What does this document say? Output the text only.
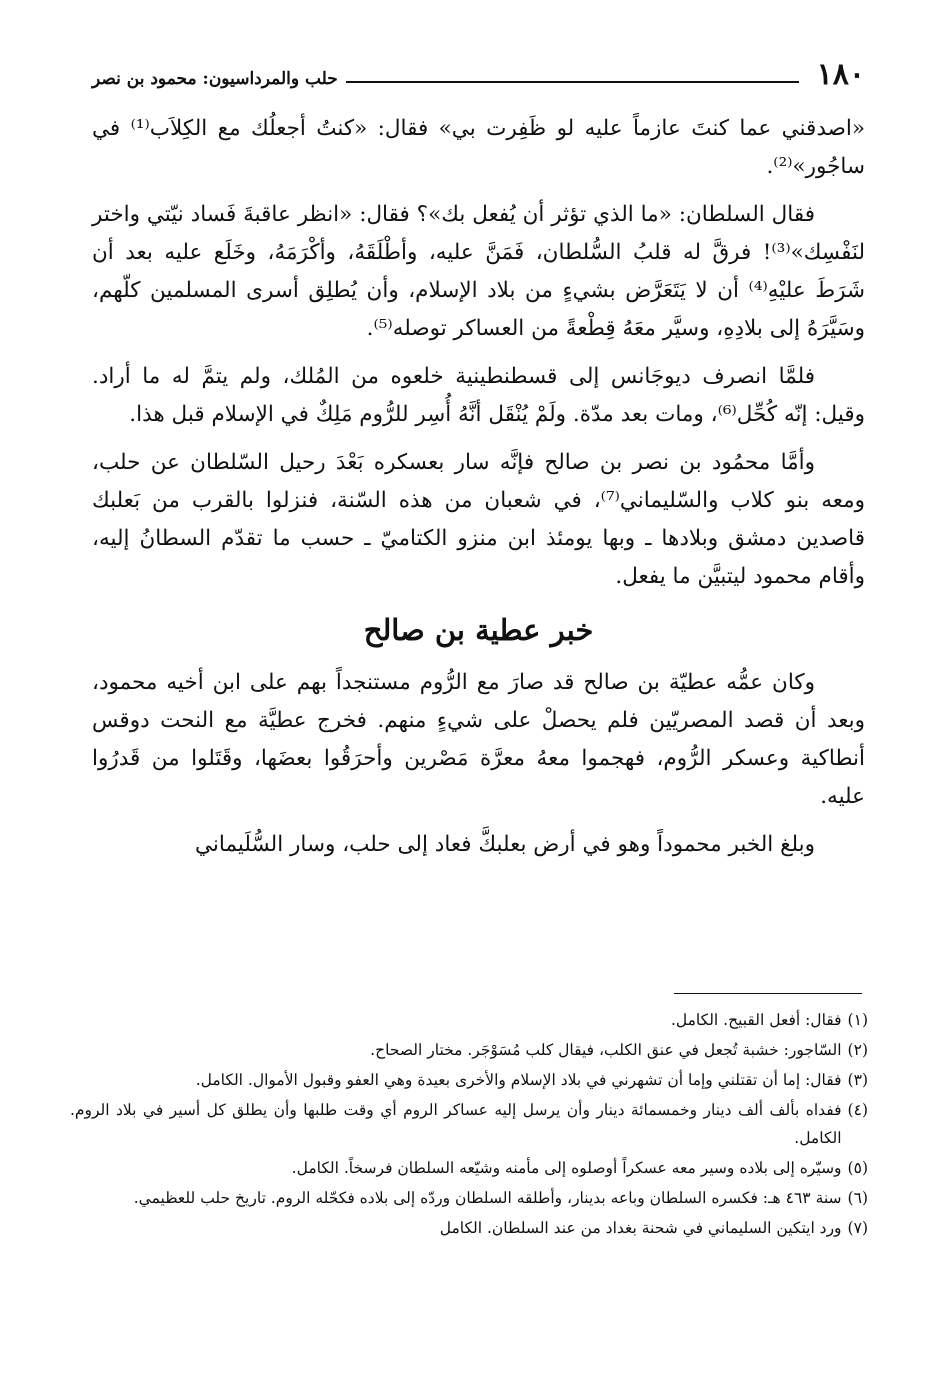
١٨٠
حلب والمرداسيون: محمود بن نصر

«اصدقني عما كنتَ عازماً عليه لو ظَفِرت بي» فقال: «كنتُ أجعلُك مع الكِلاَب⁽¹⁾ في ساجُور»⁽²⁾.

فقال السلطان: «ما الذي تؤثر أن يُفعل بك»؟ فقال: «انظر عاقبةَ فَساد نيّتي واختر لنَفْسِك»⁽³⁾! فرقَّ له قلبُ السُّلطان، فَمَنَّ عليه، وأطْلَقَهُ، وأكْرَمَهُ، وخَلَع عليه بعد أن شَرَطَ عليْهِ⁽⁴⁾ أن لا يَتَعَرَّض بشيءٍ من بلاد الإسلام، وأن يُطلِق أسرى المسلمين كلّهم، وسَيَّرَهُ إلى بلادِهِ، وسيَّر معَهُ قِطْعةً من العساكر توصله⁽⁵⁾.

فلمَّا انصرف ديوجَانس إلى قسطنطينية خلعوه من المُلك، ولم يتمَّ له ما أراد. وقيل: إنّه كُحِّل⁽⁶⁾، ومات بعد مدّة. ولَمْ يُنْقَل أنَّهُ أُسِر للرُّوم مَلِكٌ في الإسلام قبل هذا.

وأمَّا محمُود بن نصر بن صالح فإنَّه سار بعسكره بَعْدَ رحيل السّلطان عن حلب، ومعه بنو كلاب والسّليماني⁽⁷⁾، في شعبان من هذه السّنة، فنزلوا بالقرب من بَعلبك قاصدين دمشق وبلادها ـ وبها يومئذ ابن منزو الكتاميّ ـ حسب ما تقدّم السطانُ إليه، وأقام محمود ليتبيَّن ما يفعل.

خبر عطية بن صالح

وكان عمُّه عطيّة بن صالح قد صارَ مع الرُّوم مستنجداً بهم على ابن أخيه محمود، وبعد أن قصد المصريّين فلم يحصلْ على شيءٍ منهم. فخرج عطيَّة مع النحت دوقس أنطاكية وعسكر الرُّوم، فهجموا معهُ معرَّة مَصْرين وأحرَقُوا بعضَها، وقَتَلوا من قَدرُوا عليه.

وبلغ الخبر محموداً وهو في أرض بعلبكَّ فعاد إلى حلب، وسار السُّلَيماني

(١)
فقال: أفعل القبيح. الكامل.
(٢)
السّاجور: خشبة تُجعل في عنق الكلب، فيقال كلب مُسَوْجَر. مختار الصحاح.
(٣)
فقال: إما أن تقتلني وإما أن تشهرني في بلاد الإسلام والأخرى بعيدة وهي العفو وقبول الأموال. الكامل.
(٤)
ففداه بألف ألف دينار وخمسمائة دينار وأن يرسل إليه عساكر الروم أي وقت طلبها وأن يطلق كل أسير في بلاد الروم. الكامل.
(٥)
وسيّره إلى بلاده وسير معه عسكراً أوصلوه إلى مأمنه وشيّعه السلطان فرسخاً. الكامل.
(٦)
سنة ٤٦٣ هـ: فكسره السلطان وباعه بدينار، وأطلقه السلطان وردّه إلى بلاده فكحّله الروم. تاريخ حلب للعظيمي.
(٧)
ورد ايتكين السليماني في شحنة بغداد من عند السلطان. الكامل
